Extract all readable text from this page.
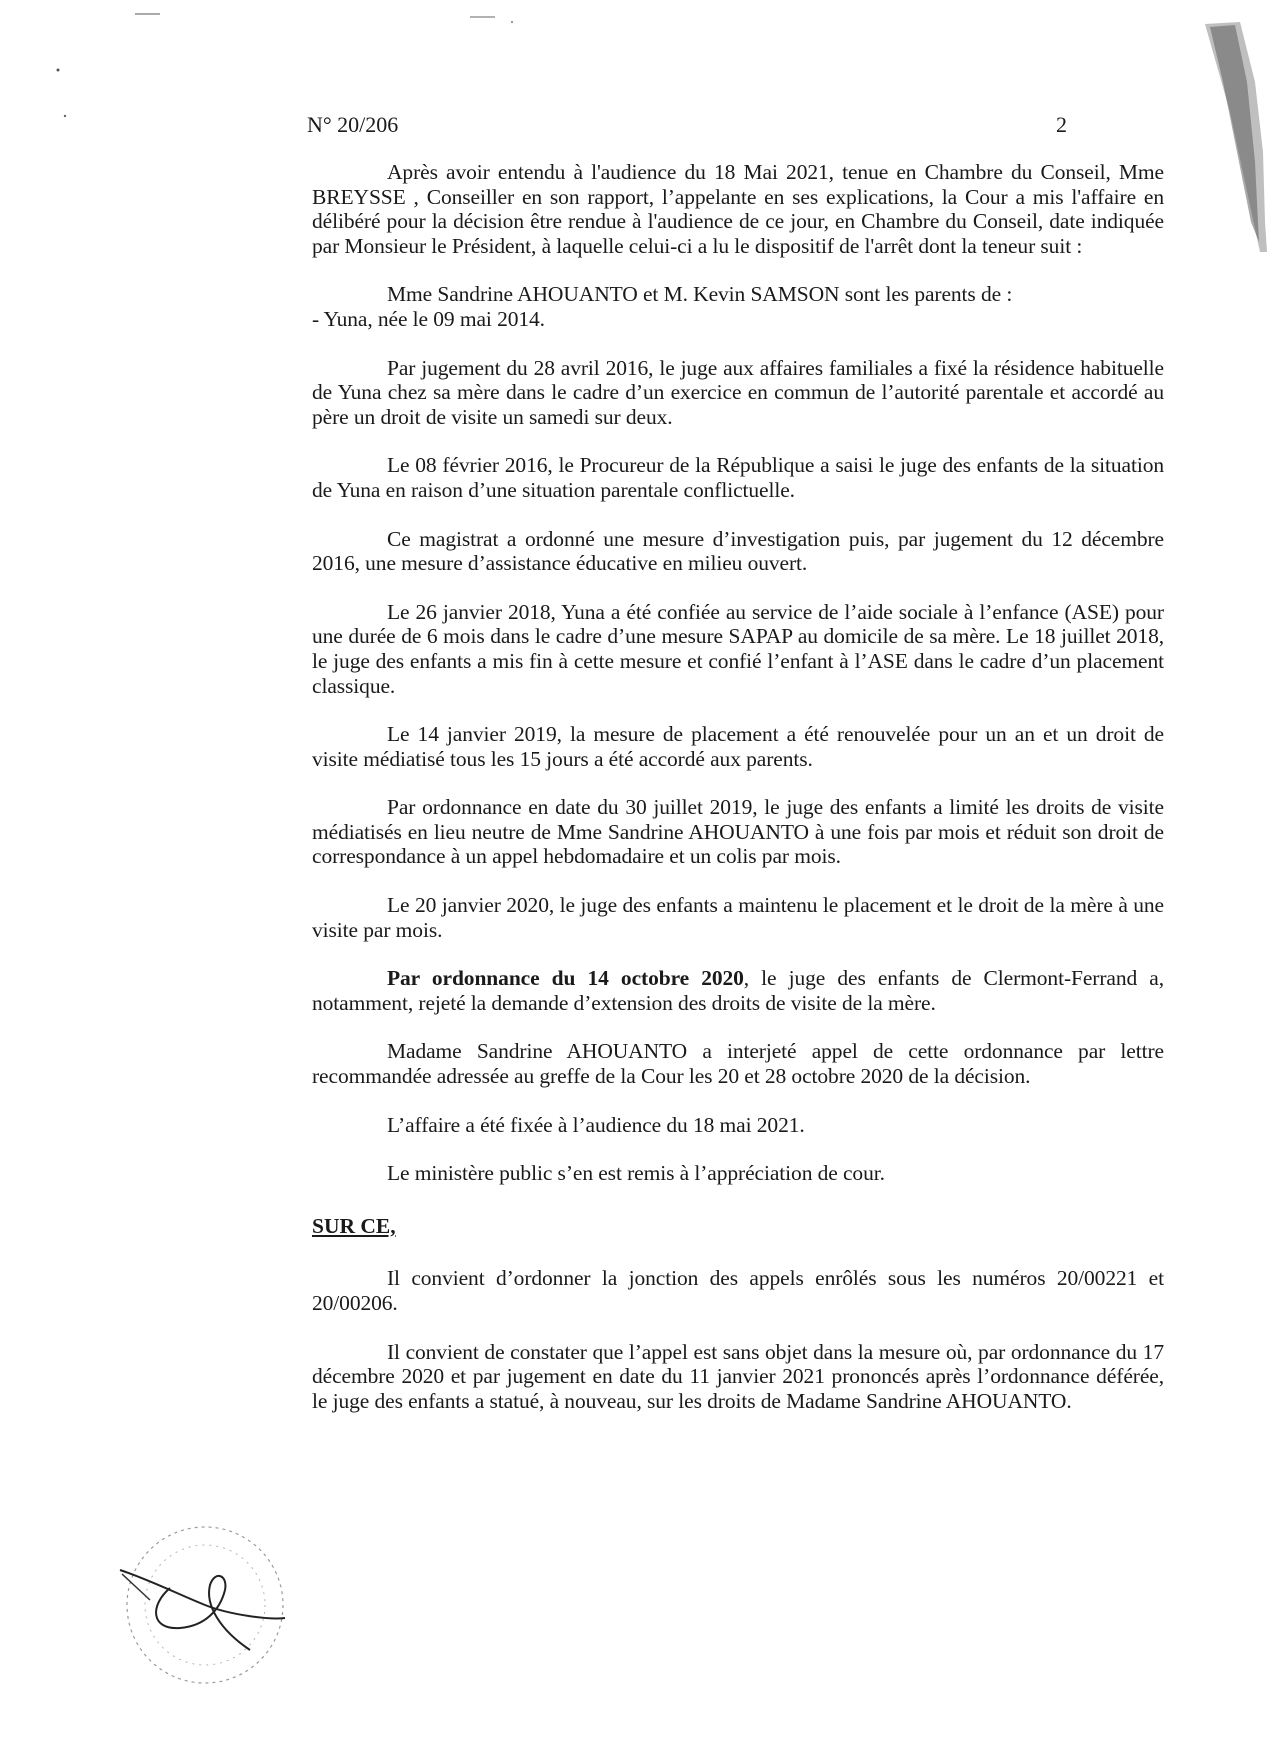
N° 20/206	2

Après avoir entendu à l'audience du 18 Mai 2021, tenue en Chambre du Conseil, Mme BREYSSE , Conseiller en son rapport, l’appelante en ses explications, la Cour a mis l'affaire en délibéré pour la décision être rendue à l'audience de ce jour, en Chambre du Conseil, date indiquée par Monsieur le Président, à laquelle celui-ci a lu le dispositif de l'arrêt dont la teneur suit :

Mme Sandrine AHOUANTO et M. Kevin SAMSON sont les parents de :

- Yuna, née le 09 mai 2014.

Par jugement du 28 avril 2016, le juge aux affaires familiales a fixé la résidence habituelle de Yuna chez sa mère dans le cadre d’un exercice en commun de l’autorité parentale et accordé au père un droit de visite un samedi sur deux.

Le 08 février 2016, le Procureur de la République a saisi le juge des enfants de la situation de Yuna en raison d’une situation parentale conflictuelle.

Ce magistrat a ordonné une mesure d’investigation puis, par jugement du 12 décembre 2016, une mesure d’assistance éducative en milieu ouvert.

Le 26 janvier 2018, Yuna a été confiée au service de l’aide sociale à l’enfance (ASE) pour une durée de 6 mois dans le cadre d’une mesure SAPAP au domicile de sa mère. Le 18 juillet 2018, le juge des enfants a mis fin à cette mesure et confié l’enfant à l’ASE dans le cadre d’un placement classique.

Le 14 janvier 2019, la mesure de placement a été renouvelée pour un an et un droit de visite médiatisé tous les 15 jours a été accordé aux parents.

Par ordonnance en date du 30 juillet 2019, le juge des enfants a limité les droits de visite médiatisés en lieu neutre de Mme Sandrine AHOUANTO à une fois par mois et réduit son droit de correspondance à un appel hebdomadaire et un colis par mois.

Le 20 janvier 2020, le juge des enfants a maintenu le placement et le droit de la mère à une visite par mois.

Par ordonnance du 14 octobre 2020, le juge des enfants de Clermont-Ferrand a, notamment, rejeté la demande d’extension des droits de visite de la mère.

Madame Sandrine AHOUANTO a interjeté appel de cette ordonnance par lettre recommandée adressée au greffe de la Cour les 20 et 28 octobre 2020 de la décision.

L’affaire a été fixée à l’audience du 18 mai 2021.

Le ministère public s’en est remis à l’appréciation de cour.

SUR CE,

Il convient d’ordonner la jonction des appels enrôlés sous les numéros 20/00221 et 20/00206.

Il convient de constater que l’appel est sans objet dans la mesure où, par ordonnance du 17 décembre 2020 et par jugement en date du 11 janvier 2021 prononcés après l’ordonnance déférée, le juge des enfants a statué, à nouveau, sur les droits de Madame Sandrine AHOUANTO.
